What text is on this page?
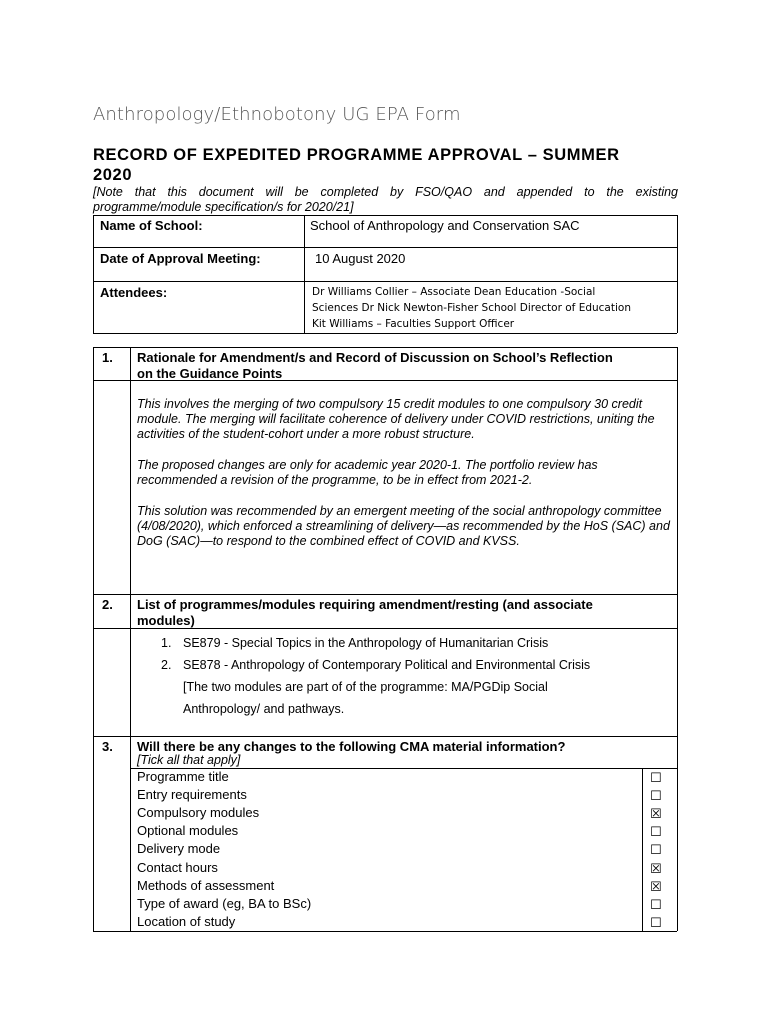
Anthropology/Ethnobotony UG EPA Form
RECORD OF EXPEDITED PROGRAMME APPROVAL – SUMMER
2020
[Note that this document will be completed by FSO/QAO and appended to the existing programme/module specification/s for 2020/21]
Name of School:	School of Anthropology and Conservation SAC
Date of Approval Meeting:	10 August 2020
Attendees:	Dr Williams Collier – Associate Dean Education -Social
Sciences Dr Nick Newton-Fisher School Director of Education
Kit Williams – Faculties Support Officer
1. Rationale for Amendment/s and Record of Discussion on School’s Reflection
on the Guidance Points
This involves the merging of two compulsory 15 credit modules to one compulsory 30 credit module. The merging will facilitate coherence of delivery under COVID restrictions, uniting the activities of the student-cohort under a more robust structure.
The proposed changes are only for academic year 2020-1. The portfolio review has recommended a revision of the programme, to be in effect from 2021-2.
This solution was recommended by an emergent meeting of the social anthropology committee (4/08/2020), which enforced a streamlining of delivery—as recommended by the HoS (SAC) and DoG (SAC)—to respond to the combined effect of COVID and KVSS.
2. List of programmes/modules requiring amendment/resting (and associate
modules)
1. SE879 - Special Topics in the Anthropology of Humanitarian Crisis
2. SE878 - Anthropology of Contemporary Political and Environmental Crisis
[The two modules are part of of the programme: MA/PGDip Social
Anthropology/ and pathways.
3. Will there be any changes to the following CMA material information?
[Tick all that apply]
Programme title	☐
Entry requirements	☐
Compulsory modules	☒
Optional modules	☐
Delivery mode	☐
Contact hours	☒
Methods of assessment	☒
Type of award (eg, BA to BSc)	☐
Location of study	☐
